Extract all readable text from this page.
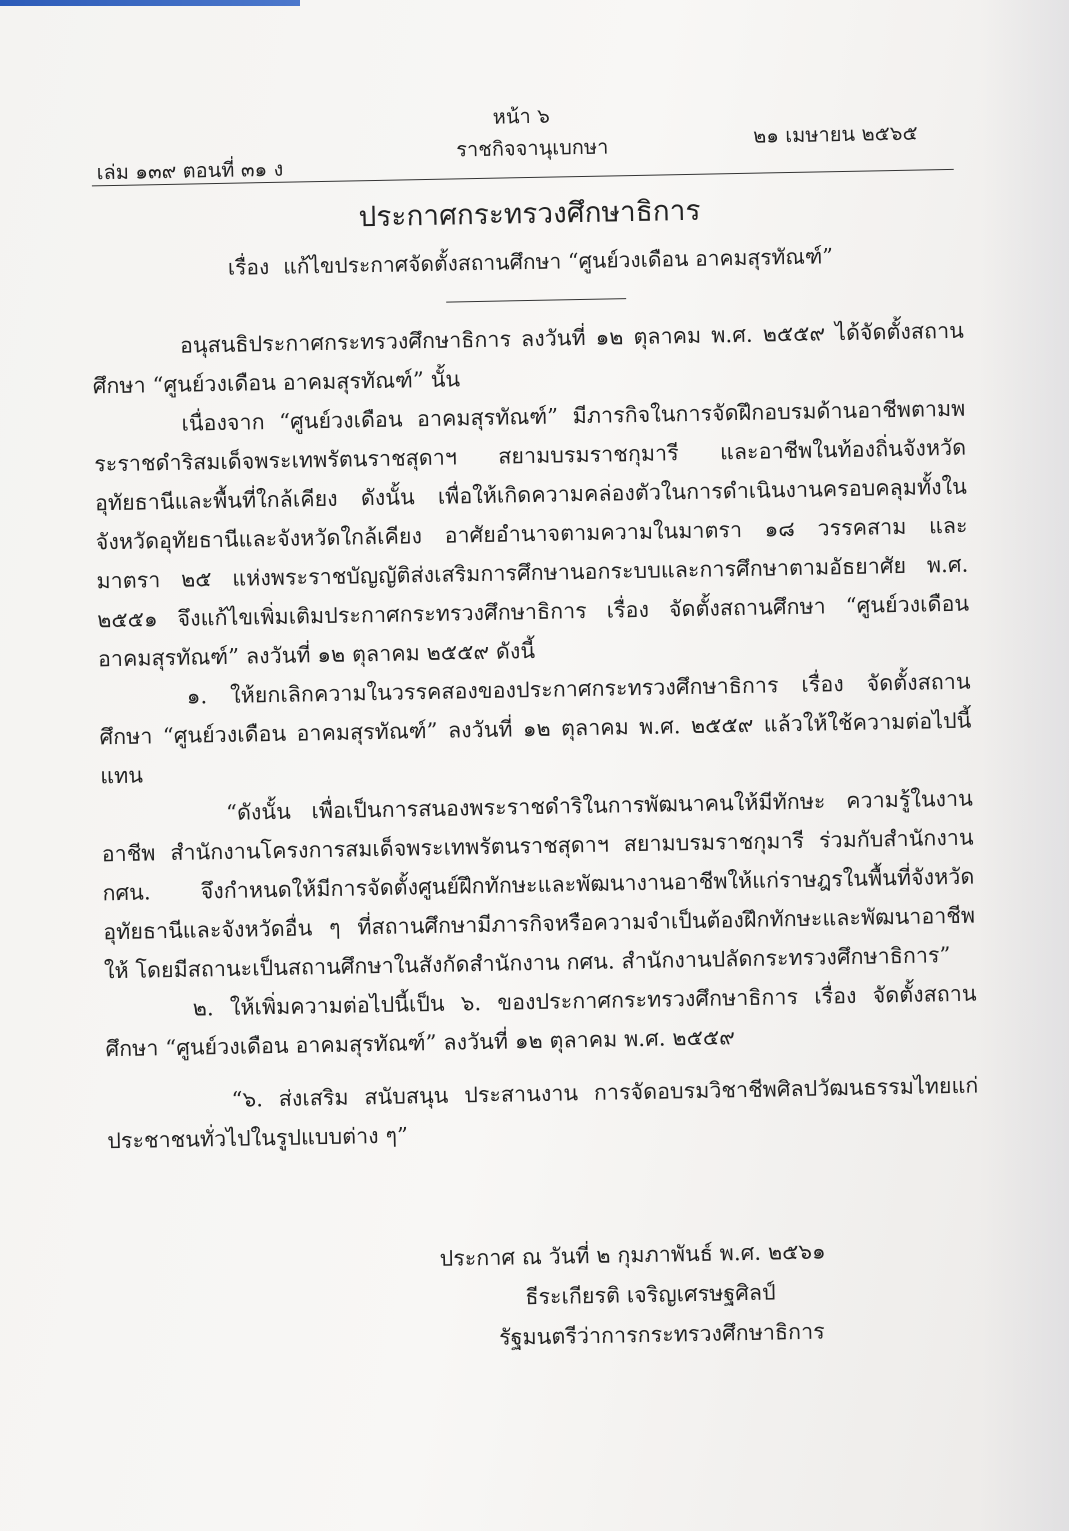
หน้า ๖
ราชกิจจานุเบกษา
เล่ม ๑๓๙ ตอนที่ ๓๑ ง
๒๑ เมษายน ๒๕๖๕
ประกาศกระทรวงศึกษาธิการ
เรื่อง แก้ไขประกาศจัดตั้งสถานศึกษา “ศูนย์วงเดือน อาคมสุรทัณฑ์”

อนุสนธิประกาศกระทรวงศึกษาธิการ ลงวันที่ ๑๒ ตุลาคม พ.ศ. ๒๕๕๙ ได้จัดตั้งสถานศึกษา “ศูนย์วงเดือน อาคมสุรทัณฑ์” นั้น

เนื่องจาก “ศูนย์วงเดือน อาคมสุรทัณฑ์” มีภารกิจในการจัดฝึกอบรมด้านอาชีพตามพระราชดำริสมเด็จพระเทพรัตนราชสุดาฯ สยามบรมราชกุมารี และอาชีพในท้องถิ่นจังหวัดอุทัยธานีและพื้นที่ใกล้เคียง ดังนั้น เพื่อให้เกิดความคล่องตัวในการดำเนินงานครอบคลุมทั้งในจังหวัดอุทัยธานีและจังหวัดใกล้เคียง อาศัยอำนาจตามความในมาตรา ๑๘ วรรคสาม และมาตรา ๒๕ แห่งพระราชบัญญัติส่งเสริมการศึกษานอกระบบและการศึกษาตามอัธยาศัย พ.ศ. ๒๕๕๑ จึงแก้ไขเพิ่มเติมประกาศกระทรวงศึกษาธิการ เรื่อง จัดตั้งสถานศึกษา “ศูนย์วงเดือน อาคมสุรทัณฑ์” ลงวันที่ ๑๒ ตุลาคม ๒๕๕๙ ดังนี้

๑. ให้ยกเลิกความในวรรคสองของประกาศกระทรวงศึกษาธิการ เรื่อง จัดตั้งสถานศึกษา “ศูนย์วงเดือน อาคมสุรทัณฑ์” ลงวันที่ ๑๒ ตุลาคม พ.ศ. ๒๕๕๙ แล้วให้ใช้ความต่อไปนี้แทน

“ดังนั้น เพื่อเป็นการสนองพระราชดำริในการพัฒนาคนให้มีทักษะ ความรู้ในงานอาชีพ สำนักงานโครงการสมเด็จพระเทพรัตนราชสุดาฯ สยามบรมราชกุมารี ร่วมกับสำนักงาน กศน. จึงกำหนดให้มีการจัดตั้งศูนย์ฝึกทักษะและพัฒนางานอาชีพให้แก่ราษฎรในพื้นที่จังหวัดอุทัยธานีและจังหวัดอื่น ๆ ที่สถานศึกษามีภารกิจหรือความจำเป็นต้องฝึกทักษะและพัฒนาอาชีพให้ โดยมีสถานะเป็นสถานศึกษาในสังกัดสำนักงาน กศน. สำนักงานปลัดกระทรวงศึกษาธิการ”

๒. ให้เพิ่มความต่อไปนี้เป็น ๖. ของประกาศกระทรวงศึกษาธิการ เรื่อง จัดตั้งสถานศึกษา “ศูนย์วงเดือน อาคมสุรทัณฑ์” ลงวันที่ ๑๒ ตุลาคม พ.ศ. ๒๕๕๙

“๖. ส่งเสริม สนับสนุน ประสานงาน การจัดอบรมวิชาชีพศิลปวัฒนธรรมไทยแก่ประชาชนทั่วไปในรูปแบบต่าง ๆ”

ประกาศ ณ วันที่ ๒ กุมภาพันธ์ พ.ศ. ๒๕๖๑
ธีระเกียรติ เจริญเศรษฐศิลป์
รัฐมนตรีว่าการกระทรวงศึกษาธิการ
